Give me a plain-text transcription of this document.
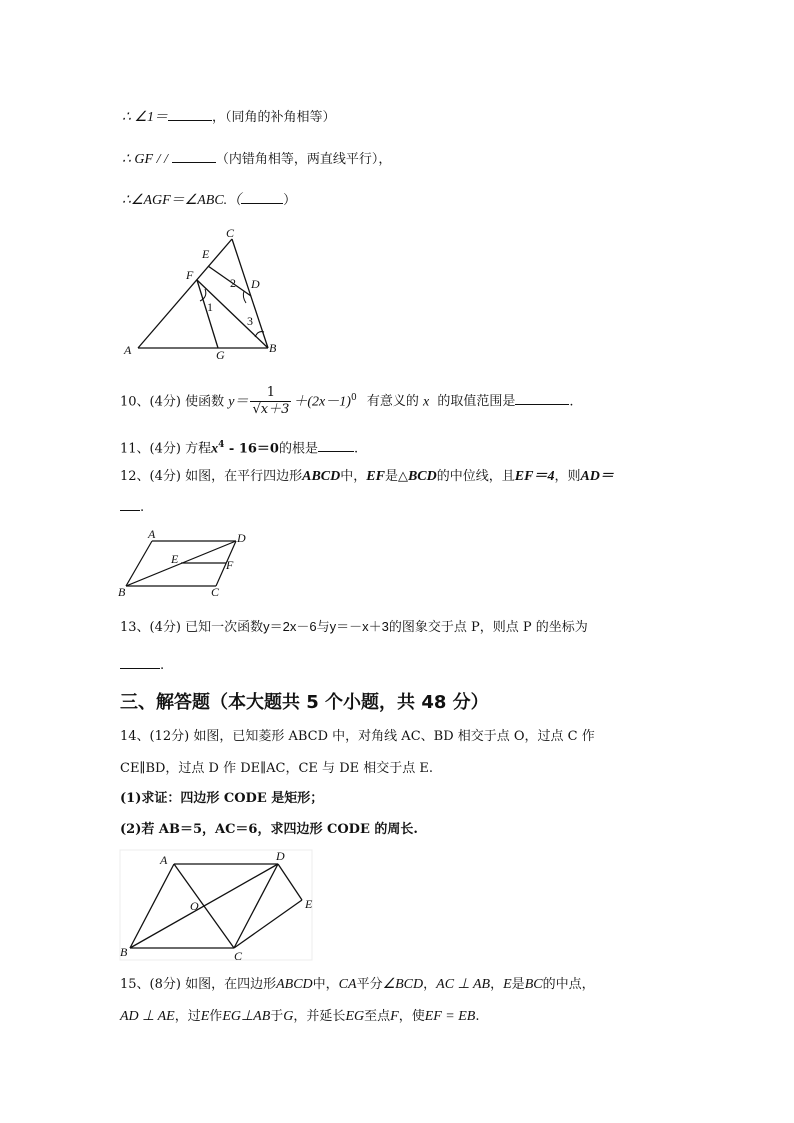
∴ ∠1＝	，（同角的补角相等）
∴ GF / /	（内错角相等，两直线平行），
∴∠AGF＝∠ABC.（	）
C
E
F
D
2
1
3
A	G	B
10、(4分) 使函数 $y= \frac{1}{√x+3} +(2x-1)^0$ 有意义的 x 的取值范围是	.
11、(4分) 方程$x^4 - 16=0$的根是	.
12、(4分) 如图，在平行四边形ABCD中，EF是△BCD的中位线，且EF＝4，则AD＝
.
A	D
E	F
B	C
13、(4分) 已知一次函数y＝2x－6与y＝－x＋3的图象交于点 P，则点 P 的坐标为
.
三、解答题（本大题共 5 个小题，共 48 分）
14、(12分) 如图，已知菱形 ABCD 中，对角线 AC、BD 相交于点 O，过点 C 作
CE∥BD，过点 D 作 DE∥AC，CE 与 DE 相交于点 E.
(1)求证：四边形 CODE 是矩形；
(2)若 AB＝5，AC＝6，求四边形 CODE 的周长.
A	D
O	E
B	C
15、(8分) 如图，在四边形ABCD中，CA平分∠BCD，AC ⊥ AB，E是BC的中点，
AD ⊥ AE，过E作EG⊥AB于G，并延长EG至点F，使EF = EB.
